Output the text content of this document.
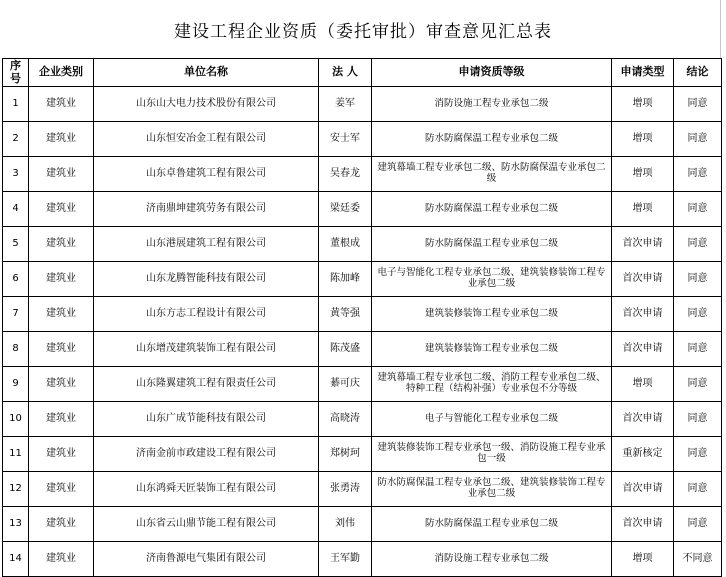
建设工程企业资质（委托审批）审查意见汇总表
序号	企业类别	单位名称	法 人	申请资质等级	申请类型	结论
1	建筑业	山东山大电力技术股份有限公司	姜军	消防设施工程专业承包二级	增项	同意
2	建筑业	山东恒安冶金工程有限公司	安士军	防水防腐保温工程专业承包二级	增项	同意
3	建筑业	山东卓鲁建筑工程有限公司	吴春龙	建筑幕墙工程专业承包二级、防水防腐保温专业承包二级	增项	同意
4	建筑业	济南鼎坤建筑劳务有限公司	梁廷委	防水防腐保温工程专业承包二级	增项	同意
5	建筑业	山东港展建筑工程有限公司	董根成	防水防腐保温工程专业承包二级	首次申请	同意
6	建筑业	山东龙腾智能科技有限公司	陈加峰	电子与智能化工程专业承包二级、建筑装修装饰工程专业承包二级	首次申请	同意
7	建筑业	山东方志工程设计有限公司	黄等强	建筑装修装饰工程专业承包二级	首次申请	同意
8	建筑业	山东增茂建筑装饰工程有限公司	陈茂盛	建筑装修装饰工程专业承包二级	首次申请	同意
9	建筑业	山东隆翼建筑工程有限责任公司	綦可庆	建筑幕墙工程专业承包二级、消防工程专业承包二级、特种工程（结构补强）专业承包不分等级	增项	同意
10	建筑业	山东广成节能科技有限公司	高晓涛	电子与智能化工程专业承包二级	首次申请	同意
11	建筑业	济南金前市政建设工程有限公司	郑树珂	建筑装修装饰工程专业承包一级、消防设施工程专业承包一级	重新核定	同意
12	建筑业	山东鸿舜天匠装饰工程有限公司	张勇涛	防水防腐保温工程专业承包二级、建筑装修装饰工程专业承包二级	首次申请	同意
13	建筑业	山东省云山鼎节能工程有限公司	刘伟	防水防腐保温工程专业承包二级	首次申请	同意
14	建筑业	济南鲁源电气集团有限公司	王军勤	消防设施工程专业承包二级	增项	不同意
